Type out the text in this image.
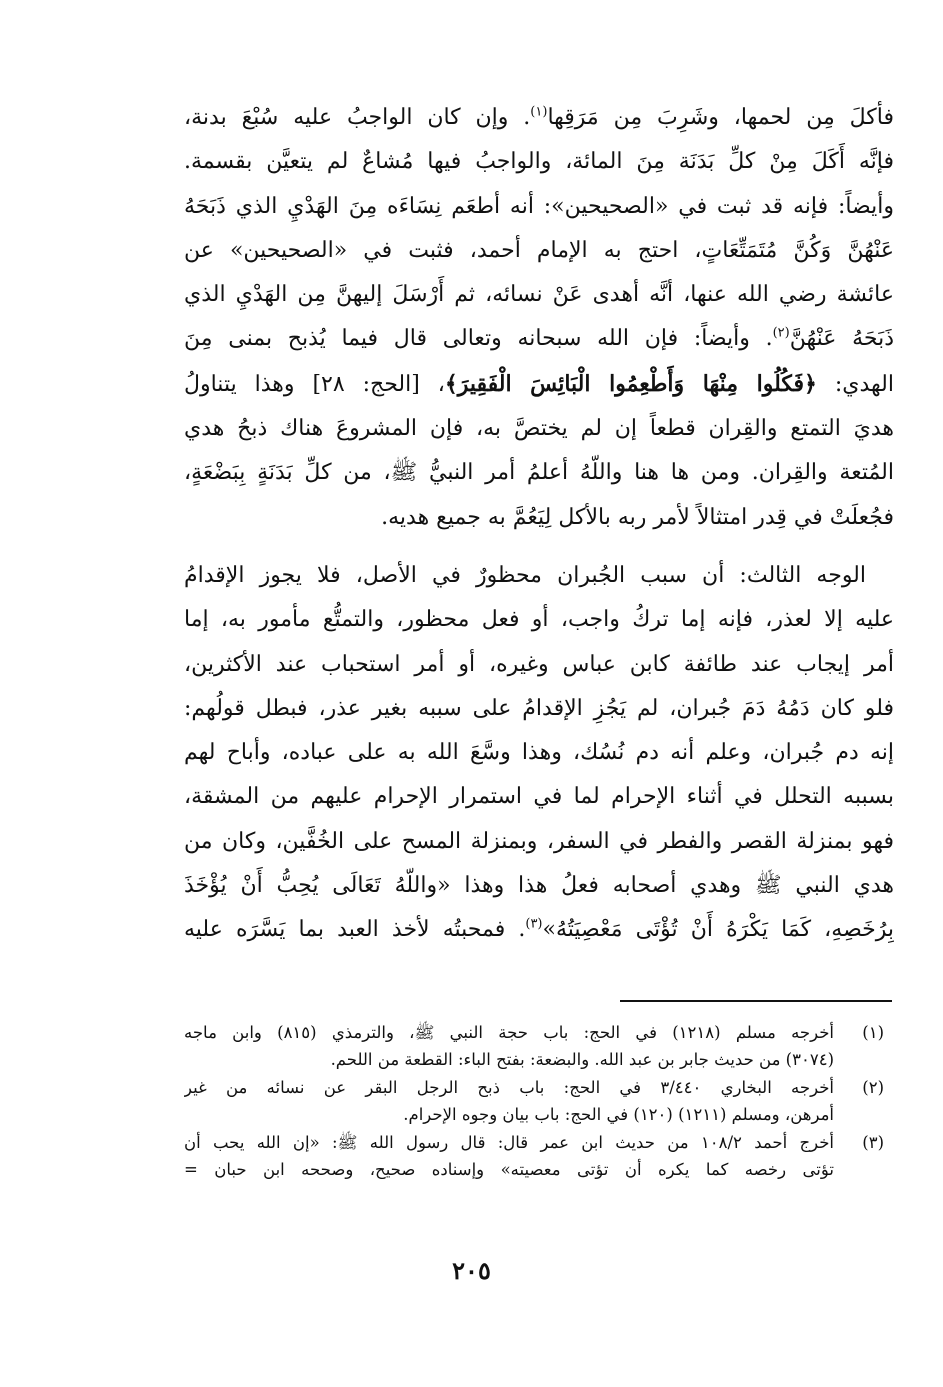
فأكلَ مِن لحمها، وشَرِبَ مِن مَرَقِها$^{(١)}$. وإن كان الواجبُ عليه سُبْعَ بدنة،
فإنَّه أَكَلَ مِنْ كلِّ بَدَنَة مِنَ المائة، والواجبُ فيها مُشاعٌ لم يتعيَّن بقسمة.
وأيضاً: فإنه قد ثبت في «الصحيحين»: أنه أطعَم نِسَاءَه مِنَ الهَدْيِ الذي ذَبَحَهُ
عَنْهُنَّ وَكُنَّ مُتَمَتِّعَاتٍ، احتج به الإمام أحمد، فثبت في «الصحيحين» عن
عائشة رضي الله عنها، أنَّه أهدى عَنْ نسائه، ثم أَرْسَلَ إليهنَّ مِن الهَدْيِ الذي
ذَبَحَهُ عَنْهُنَّ$^{(٢)}$. وأيضاً: فإن الله سبحانه وتعالى قال فيما يُذبح بمنى مِنَ
الهدي: ﴿فَكُلُوا مِنْهَا وَأَطْعِمُوا الْبَائِسَ الْفَقِيرَ﴾، [الحج: ٢٨] وهذا يتناولُ
هديَ التمتع والقِران قطعاً إن لم يختصَّ به، فإن المشروعَ هناك ذبحُ هدي
المُتعة والقِران. ومن ها هنا واللّهُ أعلمُ أمر النبيُّ ﷺ، من كلِّ بَدَنَةٍ بِبَضْعَةٍ،
فجُعلَتْ في قِدر امتثالاً لأمر ربه بالأكل لِيَعُمَّ به جميع هديه.
الوجه الثالث: أن سبب الجُبران محظورٌ في الأصل، فلا يجوز الإقدامُ
عليه إلا لعذر، فإنه إما تركُ واجب، أو فعل محظور، والتمتُّع مأمور به، إما
أمر إيجاب عند طائفة كابن عباس وغيره، أو أمر استحباب عند الأكثرين،
فلو كان دَمُهُ دَمَ جُبران، لم يَجُزِ الإقدامُ على سببه بغير عذر، فبطل قولُهم:
إنه دم جُبران، وعلم أنه دم نُسُك، وهذا وسَّعَ الله به على عباده، وأباح لهم
بسببه التحلل في أثناء الإحرام لما في استمرار الإحرام عليهم من المشقة،
فهو بمنزلة القصر والفطر في السفر، وبمنزلة المسح على الخُفَّين، وكان من
هدي النبي ﷺ وهدي أصحابه فعلُ هذا وهذا «واللّهُ تَعَالَى يُحِبُّ أَنْ يُؤْخَذَ
بِرُخَصِهِ، كَمَا يَكْرَهُ أَنْ تُؤْتَى مَعْصِيَتُهُ»$^{(٣)}$. فمحبتُه لأخذ العبد بما يَسَّرَه عليه
(١)
أخرجه مسلم (١٢١٨) في الحج: باب حجة النبي ﷺ، والترمذي (٨١٥) وابن ماجه
(٣٠٧٤) من حديث جابر بن عبد الله. والبضعة: بفتح الباء: القطعة من اللحم.
(٢)
أخرجه البخاري ٣/٤٤٠ في الحج: باب ذبح الرجل البقر عن نسائه من غير
أمرهن، ومسلم (١٢١١) (١٢٠) في الحج: باب بيان وجوه الإحرام.
(٣)
أخرج أحمد ١٠٨/٢ من حديث ابن عمر قال: قال رسول الله ﷺ: «إن الله يحب أن
تؤتى رخصه كما يكره أن تؤتى معصيته» وإسناده صحيح، وصححه ابن حبان =
٢٠٥
